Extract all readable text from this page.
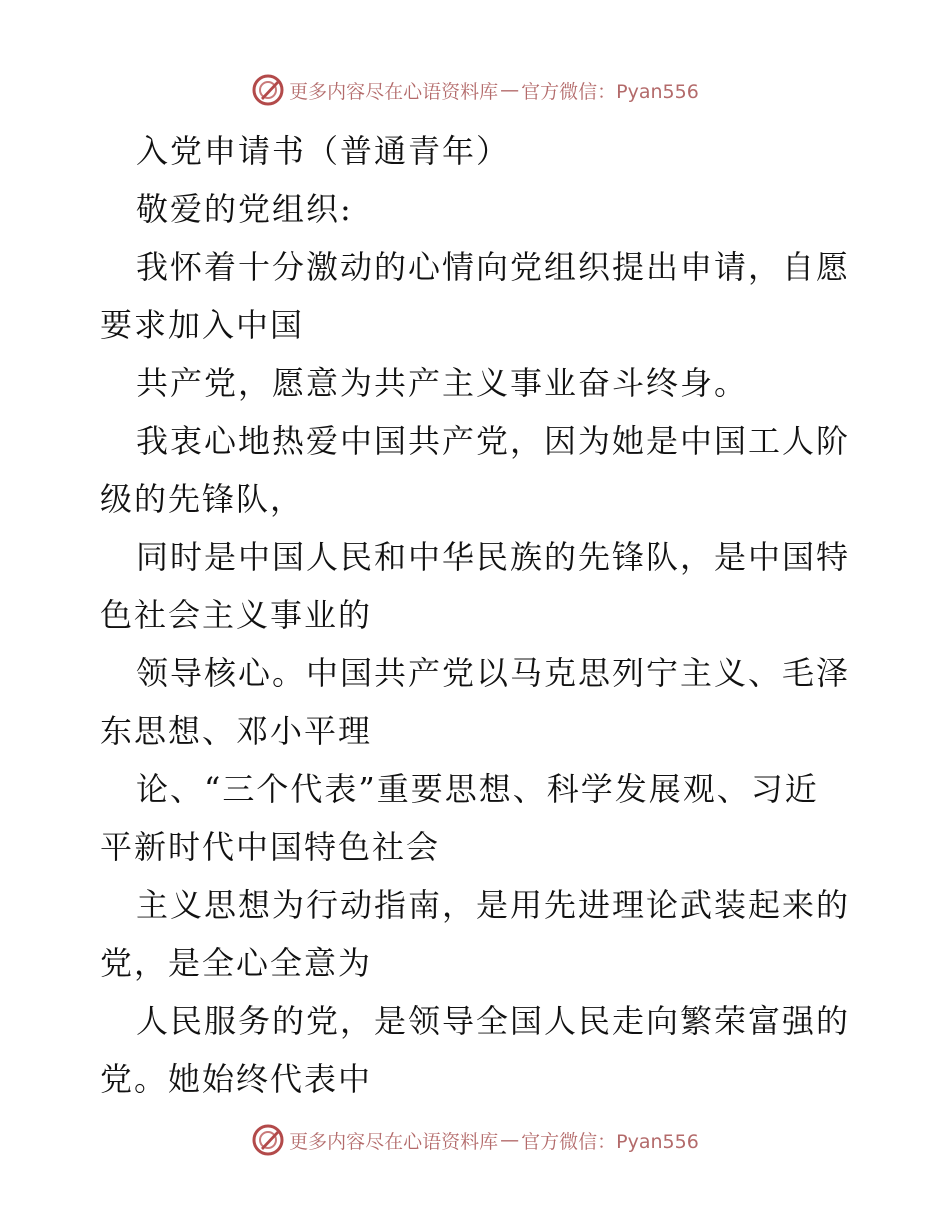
更多内容尽在心语资料库 — 官方微信：Pyan556

入党申请书（普通青年）

敬爱的党组织:

我怀着十分激动的心情向党组织提出申请，自愿

要求加入中国

共产党，愿意为共产主义事业奋斗终身。

我衷心地热爱中国共产党，因为她是中国工人阶

级的先锋队，

同时是中国人民和中华民族的先锋队，是中国特

色社会主义事业的

领导核心。中国共产党以马克思列宁主义、毛泽

东思想、邓小平理

论、“三个代表”重要思想、科学发展观、习近

平新时代中国特色社会

主义思想为行动指南，是用先进理论武装起来的

党，是全心全意为

人民服务的党，是领导全国人民走向繁荣富强的

党。她始终代表中

更多内容尽在心语资料库 — 官方微信：Pyan556
